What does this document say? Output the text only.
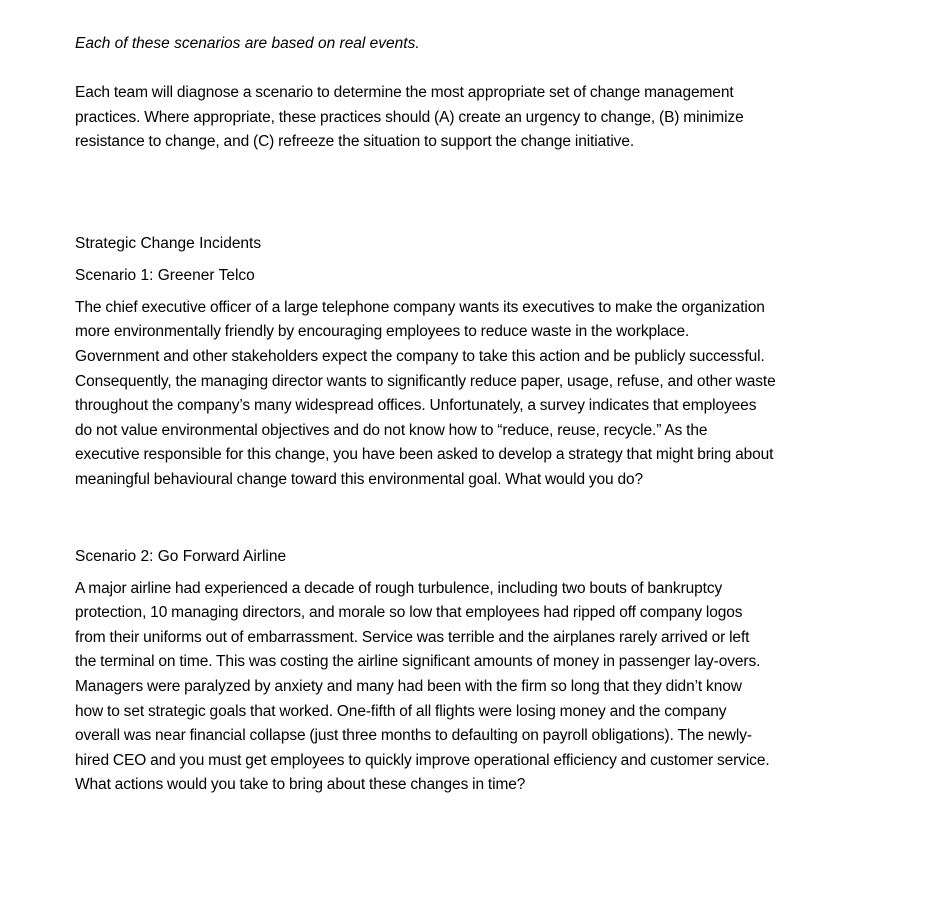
Each of these scenarios are based on real events.

Each team will diagnose a scenario to determine the most appropriate set of change management
practices. Where appropriate, these practices should (A) create an urgency to change, (B) minimize
resistance to change, and (C) refreeze the situation to support the change initiative.

Strategic Change Incidents

Scenario 1: Greener Telco

The chief executive officer of a large telephone company wants its executives to make the organization
more environmentally friendly by encouraging employees to reduce waste in the workplace.
Government and other stakeholders expect the company to take this action and be publicly successful.
Consequently, the managing director wants to significantly reduce paper, usage, refuse, and other waste
throughout the company’s many widespread offices. Unfortunately, a survey indicates that employees
do not value environmental objectives and do not know how to “reduce, reuse, recycle.” As the
executive responsible for this change, you have been asked to develop a strategy that might bring about
meaningful behavioural change toward this environmental goal. What would you do?

Scenario 2: Go Forward Airline

A major airline had experienced a decade of rough turbulence, including two bouts of bankruptcy
protection, 10 managing directors, and morale so low that employees had ripped off company logos
from their uniforms out of embarrassment. Service was terrible and the airplanes rarely arrived or left
the terminal on time. This was costing the airline significant amounts of money in passenger lay-overs.
Managers were paralyzed by anxiety and many had been with the firm so long that they didn’t know
how to set strategic goals that worked. One-fifth of all flights were losing money and the company
overall was near financial collapse (just three months to defaulting on payroll obligations). The newly-
hired CEO and you must get employees to quickly improve operational efficiency and customer service.
What actions would you take to bring about these changes in time?
